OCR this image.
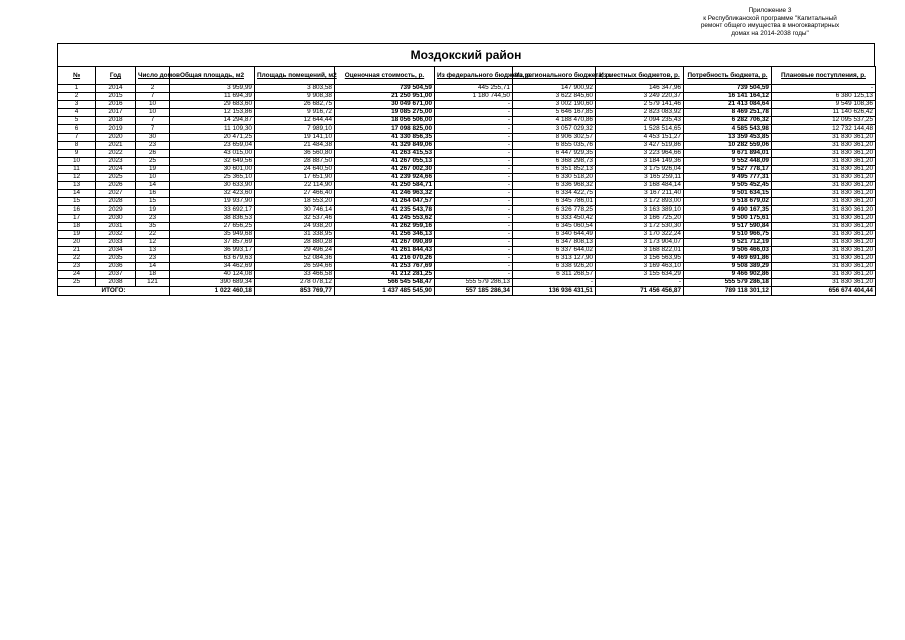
Приложение 3
к Республиканской программе "Капитальный
ремонт общего имущества в многоквартирных
домах на 2014-2038 годы"
Моздокский район
№	Год	Число домов	Общая площадь, м2	Площадь помещений, м2	Оценочная стоимость, р.	Из федерального бюджета, р.	Из регионального бюджета, р.	Из местных бюджетов, р.	Потребность бюджета, р.	Плановые поступления, р.
1	2014	2	3 959,99	3 803,58	739 504,59	445 255,71	147 900,92	146 347,96	739 504,59	-
2	2015	7	11 694,39	9 908,38	21 250 951,00	1 180 744,50	3 622 845,60	3 249 220,37	16 141 164,12	6 380 125,13
3	2016	10	29 683,60	26 682,75	30 049 671,00	-	3 002 190,60	2 579 141,46	21 413 084,64	9 549 108,36
4	2017	10	12 153,86	9 916,72	19 085 275,00	-	5 646 167,85	2 823 083,92	8 469 251,78	11 140 626,42
5	2018	7	14 294,87	12 644,44	18 056 506,00	-	4 188 470,86	2 094 235,43	6 282 706,32	12 095 537,25
6	2019	7	11 109,30	7 989,10	17 098 825,00	-	3 057 029,32	1 528 514,65	4 585 543,98	12 732 144,48
7	2020	30	20 471,25	19 141,10	41 330 856,35	-	8 906 302,57	4 453 151,27	13 359 453,85	31 830 361,20
8	2021	23	23 659,04	21 484,38	41 329 849,06	-	6 855 035,76	3 427 519,86	10 282 559,06	31 830 361,20
9	2022	26	43 015,00	36 560,80	41 263 415,53	-	6 447 929,35	3 223 964,66	9 671 894,01	31 830 361,20
10	2023	25	32 649,56	28 887,50	41 267 055,13	-	6 368 298,73	3 184 149,36	9 552 448,09	31 830 361,20
11	2024	19	30 601,00	24 640,50	41 267 002,30	-	6 351 852,13	3 175 926,04	9 527 778,17	31 830 361,20
12	2025	10	25 365,10	17 651,90	41 239 924,66	-	6 330 518,20	3 165 259,11	9 495 777,31	31 830 361,20
13	2026	14	30 633,90	22 114,90	41 250 584,71	-	6 336 968,32	3 168 484,14	9 505 452,45	31 830 361,20
14	2027	16	32 423,60	27 466,40	41 246 963,32	-	6 334 422,75	3 167 211,40	9 501 634,15	31 830 361,20
15	2028	15	19 937,90	18 553,20	41 264 047,57	-	6 345 786,01	3 172 893,00	9 518 679,02	31 830 361,20
16	2029	19	33 692,17	30 746,14	41 235 543,78	-	6 326 778,25	3 163 389,10	9 490 167,35	31 830 361,20
17	2030	23	38 836,53	32 537,46	41 245 553,62	-	6 333 450,42	3 166 725,20	9 500 175,61	31 830 361,20
18	2031	35	27 656,25	24 938,20	41 262 959,16	-	6 345 060,54	3 172 530,30	9 517 590,84	31 830 361,20
19	2032	22	35 949,68	31 338,95	41 256 346,13	-	6 340 644,49	3 170 322,24	9 510 966,75	31 830 361,20
20	2033	12	37 857,69	28 880,28	41 267 090,89	-	6 347 808,13	3 173 904,07	9 521 712,19	31 830 361,20
21	2034	13	36 993,17	29 496,24	41 261 844,43	-	6 337 644,02	3 168 822,01	9 506 466,03	31 830 361,20
22	2035	23	63 679,63	52 084,36	41 216 070,26	-	6 313 127,90	3 156 563,95	9 469 691,86	31 830 361,20
23	2036	14	34 462,69	26 594,66	41 253 767,69	-	6 338 926,20	3 169 463,10	9 508 389,29	31 830 361,20
24	2037	18	40 124,08	33 466,58	41 212 281,25	-	6 311 268,57	3 155 634,29	9 466 902,86	31 830 361,20
25	2038	121	390 689,34	278 078,12	566 545 548,47	555 579 286,13	-	-	555 579 286,18	31 830 361,20
ИТОГО:			1 022 460,18	853 769,77	1 437 485 545,90	557 185 286,34	136 936 431,51	71 456 456,87	789 118 301,12	656 674 404,44
